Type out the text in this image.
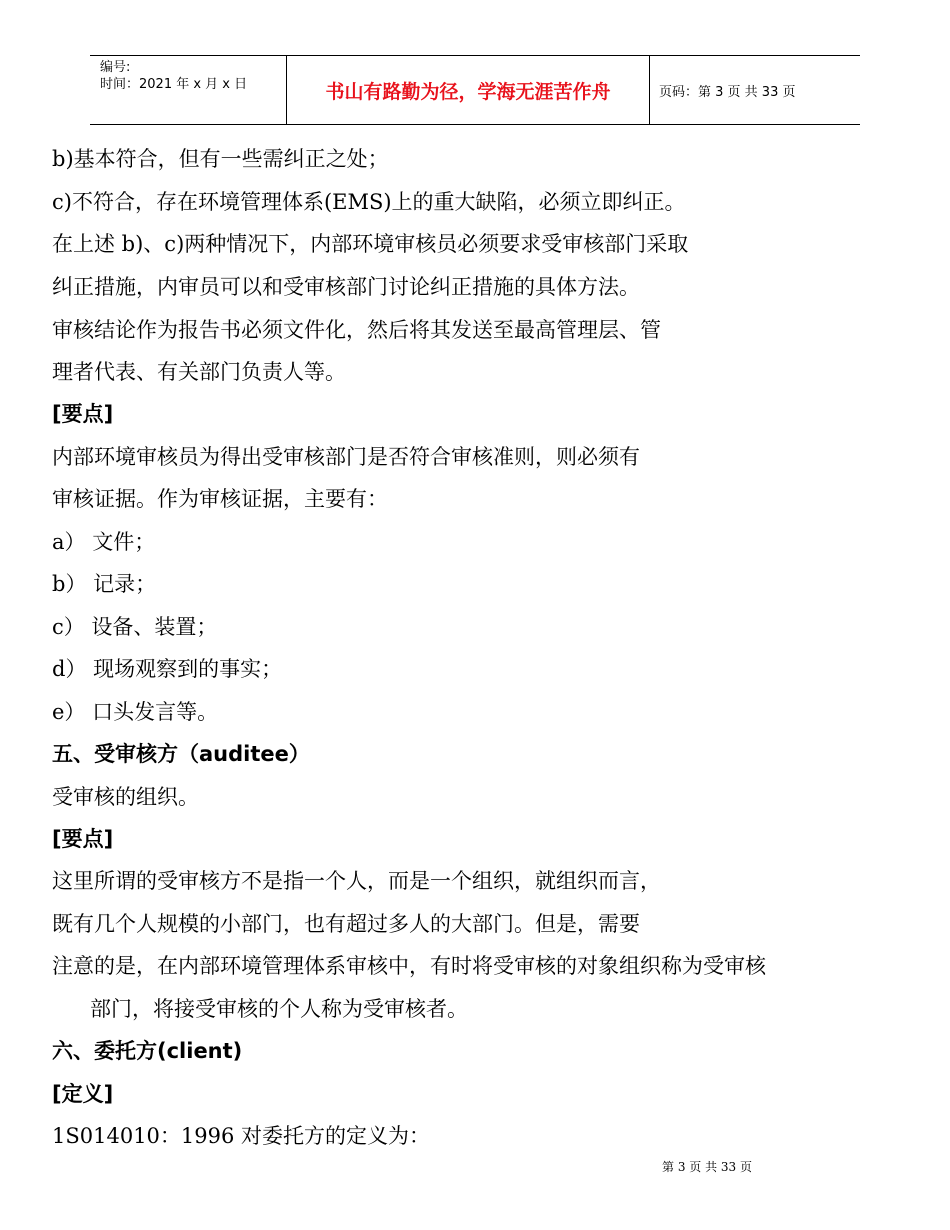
编号:
时间：2021 年 x 月 x 日	书山有路勤为径，学海无涯苦作舟	页码：第 3 页 共 33 页
b)基本符合，但有一些需纠正之处；
c)不符合，存在环境管理体系(EMS)上的重大缺陷，必须立即纠正。
在上述 b)、c)两种情况下，内部环境审核员必须要求受审核部门采取
纠正措施，内审员可以和受审核部门讨论纠正措施的具体方法。
审核结论作为报告书必须文件化，然后将其发送至最高管理层、管
理者代表、有关部门负责人等。
[要点]
内部环境审核员为得出受审核部门是否符合审核准则，则必须有
审核证据。作为审核证据，主要有：
a） 文件；
b） 记录；
c） 设备、装置；
d） 现场观察到的事实；
e） 口头发言等。
五、受审核方（auditee）
受审核的组织。
[要点]
这里所谓的受审核方不是指一个人，而是一个组织，就组织而言，
既有几个人规模的小部门，也有超过多人的大部门。但是，需要
注意的是，在内部环境管理体系审核中，有时将受审核的对象组织称为受审核
部门，将接受审核的个人称为受审核者。
六、委托方(client)
[定义]
1S014010：1996 对委托方的定义为：
第 3 页 共 33 页
